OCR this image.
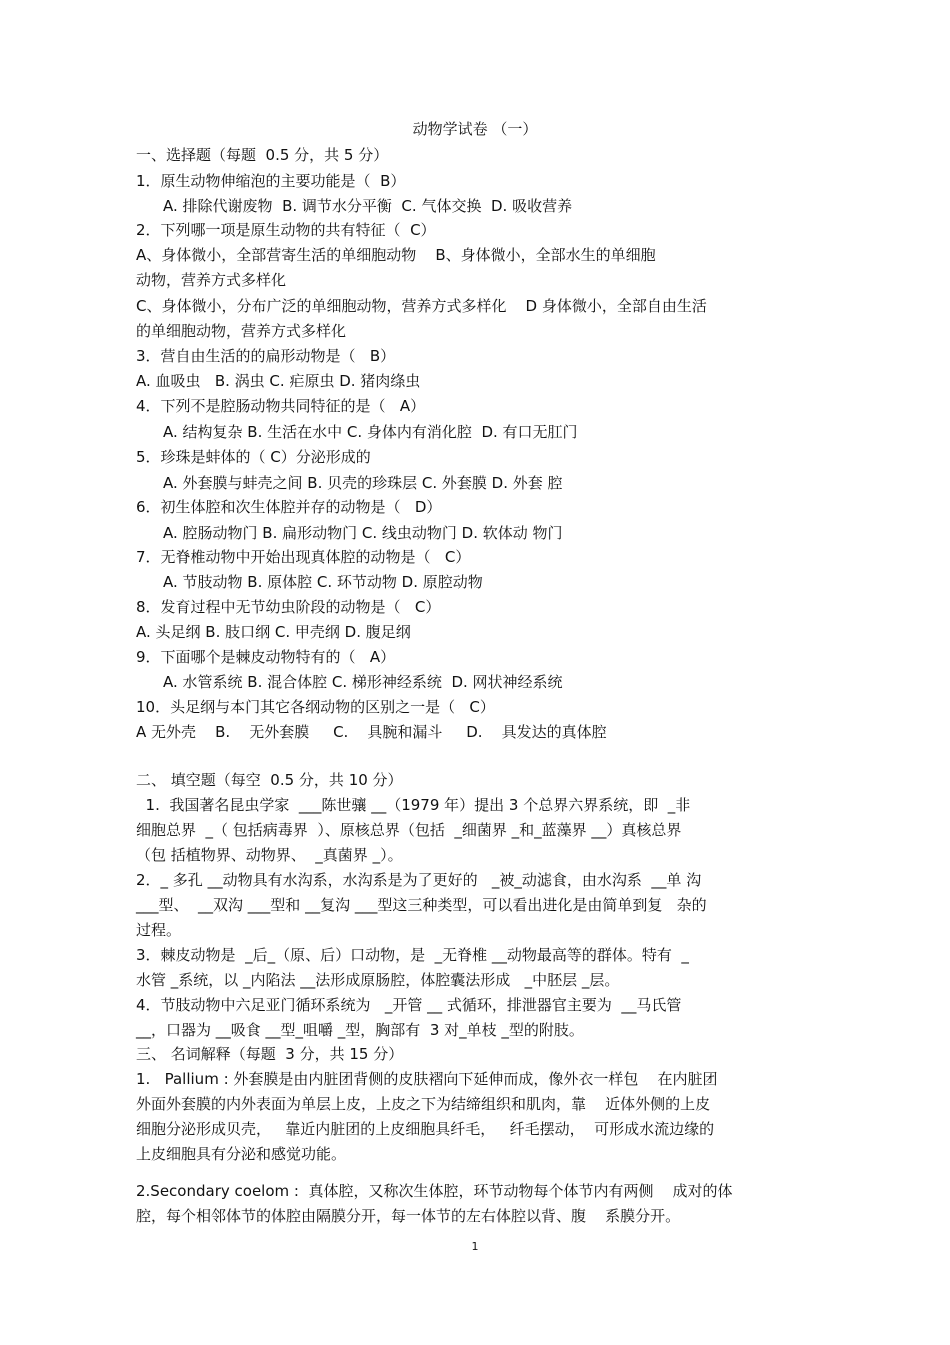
动物学试卷 （一）
一、选择题（每题  0.5 分，共 5 分）
1．原生动物伸缩泡的主要功能是（  B）
A. 排除代谢废物  B. 调节水分平衡  C. 气体交换  D. 吸收营养
2．下列哪一项是原生动物的共有特征（  C）
A、身体微小，全部营寄生活的单细胞动物    B、身体微小，全部水生的单细胞
动物，营养方式多样化
C、身体微小，分布广泛的单细胞动物，营养方式多样化    D 身体微小，全部自由生活
的单细胞动物，营养方式多样化
3．营自由生活的的扁形动物是（   B）
A. 血吸虫   B. 涡虫 C. 疟原虫 D. 猪肉绦虫
4．下列不是腔肠动物共同特征的是（   A）
A. 结构复杂 B. 生活在水中 C. 身体内有消化腔  D. 有口无肛门
5．珍珠是蚌体的（ C）分泌形成的
A. 外套膜与蚌壳之间 B. 贝壳的珍珠层 C. 外套膜 D. 外套 腔
6．初生体腔和次生体腔并存的动物是（   D）
A. 腔肠动物门 B. 扁形动物门 C. 线虫动物门 D. 软体动 物门
7．无脊椎动物中开始出现真体腔的动物是（   C）
A. 节肢动物 B. 原体腔 C. 环节动物 D. 原腔动物
8．发育过程中无节幼虫阶段的动物是（   C）
A. 头足纲 B. 肢口纲 C. 甲壳纲 D. 腹足纲
9．下面哪个是棘皮动物特有的（   A）
A. 水管系统 B. 混合体腔 C. 梯形神经系统  D. 网状神经系统
10．头足纲与本门其它各纲动物的区别之一是（   C）
A 无外壳    B.    无外套膜     C.    具腕和漏斗     D.    具发达的真体腔
二、 填空题（每空  0.5 分，共 10 分）
1.  我国著名昆虫学家  ___陈世骧 __（1979 年）提出 3 个总界六界系统，即  _非
细胞总界  _（ 包括病毒界  ）、原核总界（包括  _细菌界 _和_蓝藻界 __）真核总界
（包 括植物界、动物界、  _真菌界 _）。
2．_ 多孔 __动物具有水沟系，水沟系是为了更好的   _被_动滤食，由水沟系  __单 沟
___型、  __双沟 ___型和 __复沟 ___型这三种类型，可以看出进化是由简单到复   杂的
过程。
3．棘皮动物是  _后_（原、后）口动物，是  _无脊椎 __动物最高等的群体。特有  _
水管 _系统，以 _内陷法 __法形成原肠腔，体腔囊法形成   _中胚层 _层。
4．节肢动物中六足亚门循环系统为   _开管 __ 式循环，排泄器官主要为  __马氏管
__，口器为 __吸食 __型_咀嚼 _型，胸部有  3 对_单枝 _型的附肢。
三、 名词解释（每题  3 分，共 15 分）
1.   Pallium : 外套膜是由内脏团背侧的皮肤褶向下延伸而成，像外衣一样包    在内脏团
外面外套膜的内外表面为单层上皮，上皮之下为结缔组织和肌肉，靠    近体外侧的上皮
细胞分泌形成贝壳，   靠近内脏团的上皮细胞具纤毛，   纤毛摆动，  可形成水流边缘的
上皮细胞具有分泌和感觉功能。
2.Secondary coelom :  真体腔，又称次生体腔，环节动物每个体节内有两侧    成对的体
腔，每个相邻体节的体腔由隔膜分开，每一体节的左右体腔以背、腹    系膜分开。
1
